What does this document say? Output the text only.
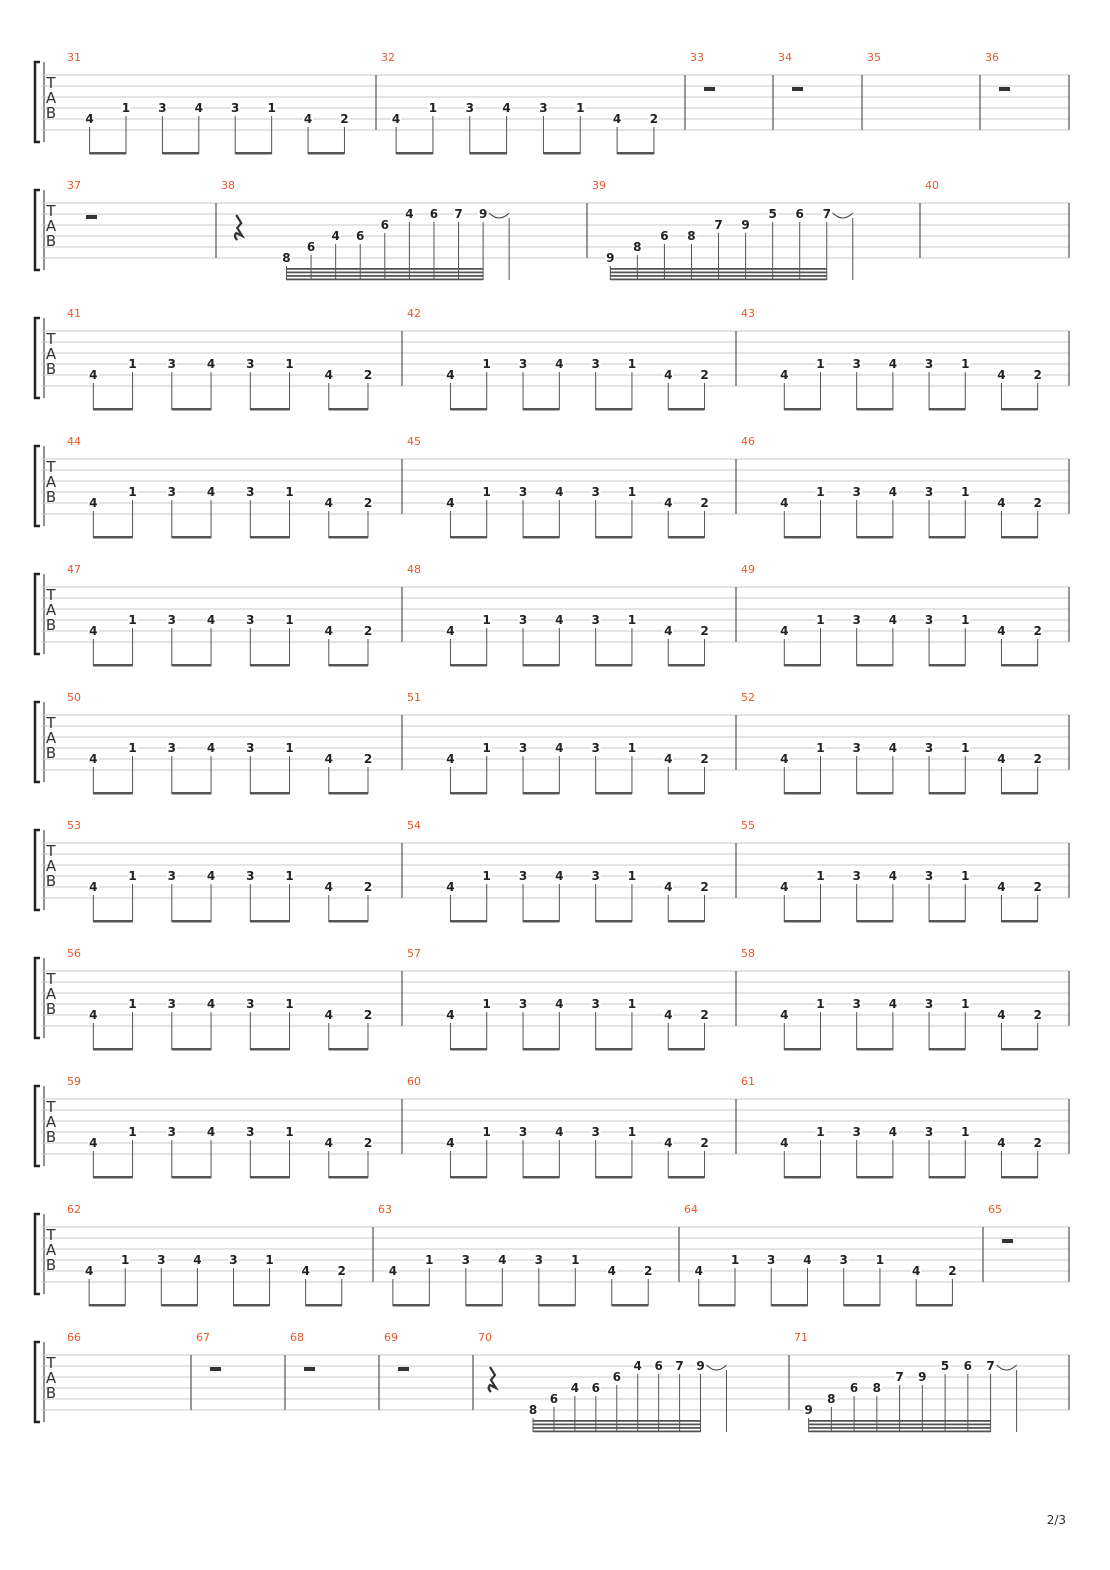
T
A
B
31
4
1 3 4 3 1
4 2
32
4
1 3 4 3 1
4 2
33	34	35	36
T
A
B
37	38
8
6
4 6
6
4 6 7 9
39
9
8
6 8
7 9
5 6 7
40
T
A
B
41
4
1	3	4	3	1
4	2
42
4
1 3 4 3 1
4 2
43
4
1 3 4 3 1
4 2
T
A
B
44
4
1	3	4	3	1
4	2
45
4
1 3 4 3 1
4 2
46
4
1 3 4 3 1
4 2
T
A
B
47
4
1	3	4	3	1
4	2
48
4
1 3 4 3 1
4 2
49
4
1 3 4 3 1
4 2
T
A
B
50
4
1	3	4	3	1
4	2
51
4
1 3 4 3 1
4 2
52
4
1 3 4 3 1
4 2
T
A
B
53
4
1	3	4	3	1
4	2
54
4
1 3 4 3 1
4 2
55
4
1 3 4 3 1
4 2
T
A
B
56
4
1	3	4	3	1
4	2
57
4
1 3 4 3 1
4 2
58
4
1 3 4 3 1
4 2
T
A
B
59
4
1	3	4	3	1
4	2
60
4
1 3 4 3 1
4 2
61
4
1 3 4 3 1
4 2
T
A
B
62
4
1 3 4 3 1
4 2
63
4
1 3 4 3 1
4 2
64
4
1 3 4 3 1
4 2
65
T
A
B
66	67	68	69	70
8
6
4 6
6
4 6 7 9
71
9
8
6 8
7 9
5 6 7
2/3
